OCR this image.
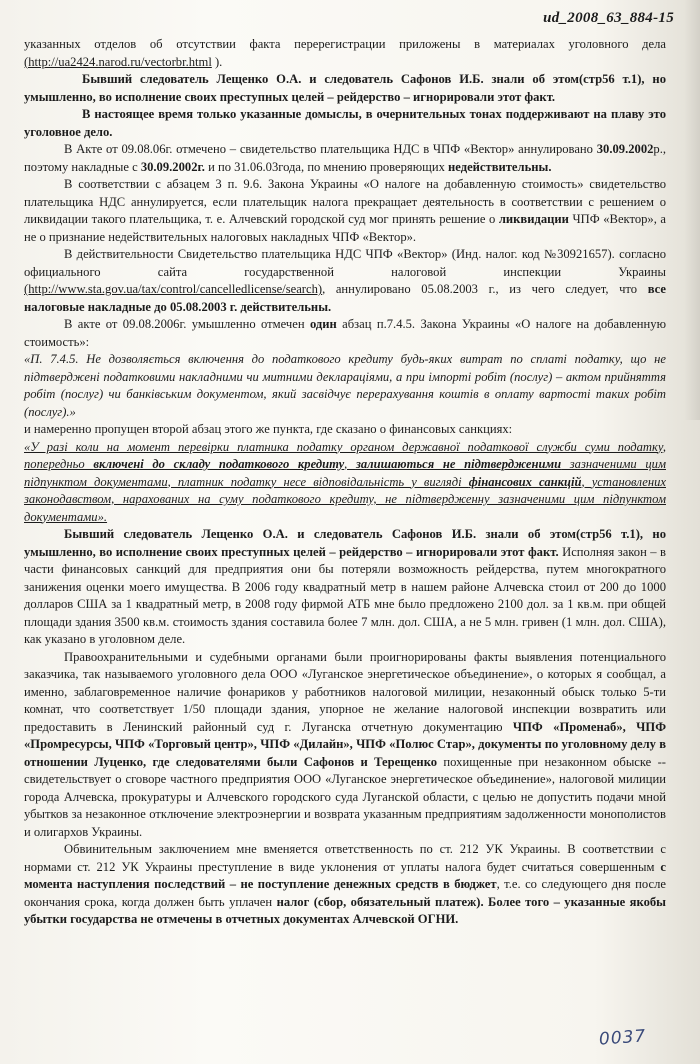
ud_2008_63_884-15

указанных отделов об отсутствии факта перерегистрации приложены в материалах уголовного дела (http://ua2424.narod.ru/vectorbr.html ).

Бывший следователь Лещенко О.А. и следователь Сафонов И.Б. знали об этом(стр56 т.1), но умышленно, во исполнение своих преступных целей – рейдерство – игнорировали этот факт.

В настоящее время только указанные домыслы, в очернительных тонах поддерживают на плаву это уголовное дело.

В Акте от 09.08.06г. отмечено – свидетельство плательщика НДС в ЧПФ «Вектор» аннулировано 30.09.2002р., поэтому накладные с 30.09.2002г. и по 31.06.03года, по мнению проверяющих недействительны.

В соответствии с абзацем 3 п. 9.6. Закона Украины «О налоге на добавленную стоимость» свидетельство плательщика НДС аннулируется, если плательщик налога прекращает деятельность в соответствии с решением о ликвидации такого плательщика, т. е. Алчевский городской суд мог принять решение о ликвидации ЧПФ «Вектор», а не о признание недействительных налоговых накладных ЧПФ «Вектор».

В действительности Свидетельство плательщика НДС ЧПФ «Вектор» (Инд. налог. код №30921657). согласно официального сайта государственной налоговой инспекции Украины (http://www.sta.gov.ua/tax/control/cancelledlicense/search), аннулировано 05.08.2003 г., из чего следует, что все налоговые накладные до 05.08.2003 г. действительны.

В акте от 09.08.2006г. умышленно отмечен один абзац п.7.4.5. Закона Украины «О налоге на добавленную стоимость»:

«П. 7.4.5. Не дозволяється включення до податкового кредиту будь-яких витрат по сплаті податку, що не підтверджені податковими накладними чи митними деклараціями, а при імпорті робіт (послуг) – актом прийняття робіт (послуг) чи банківським документом, який засвідчує перерахування коштів в оплату вартості таких робіт (послуг).»

и намеренно пропущен второй абзац этого же пункта, где сказано о финансовых санкциях:

«У разі коли на момент перевірки платника податку органом державної податкової служби суми податку, попередньо включені до складу податкового кредиту, залишаються не підтвердженими зазначеними цим підпунктом документами, платник податку несе відповідальність у вигляді фінансових санкцій, установлених законодавством, нарахованих на суму податкового кредиту, не підтвердженну зазначеними цим підпунктом документами».

Бывший следователь Лещенко О.А. и следователь Сафонов И.Б. знали об этом(стр56 т.1), но умышленно, во исполнение своих преступных целей – рейдерство – игнорировали этот факт. Исполняя закон – в части финансовых санкций для предприятия они бы потеряли возможность рейдерства, путем многократного занижения оценки моего имущества. В 2006 году квадратный метр в нашем районе Алчевска стоил от 200 до 1000 долларов США за 1 квадратный метр, в 2008 году фирмой АТБ мне было предложено 2100 дол. за 1 кв.м. при общей площади здания 3500 кв.м. стоимость здания составила более 7 млн. дол. США, а не 5 млн. гривен (1 млн. дол. США), как указано в уголовном деле.

Правоохранительными и судебными органами были проигнорированы факты выявления потенциального заказчика, так называемого уголовного дела ООО «Луганское энергетическое объединение», о которых я сообщал, а именно, заблаговременное наличие фонариков у работников налоговой милиции, незаконный обыск только 5-ти комнат, что соответствует 1/50 площади здания, упорное не желание налоговой инспекции возвратить или предоставить в Ленинский районный суд г. Луганска отчетную документацию ЧПФ «Променаб», ЧПФ «Промресурсы, ЧПФ «Торговый центр», ЧПФ «Дилайн», ЧПФ «Полюс Стар», документы по уголовному делу в отношении Луценко, где следователями были Сафонов и Терещенко похищенные при незаконном обыске -- свидетельствует о сговоре частного предприятия ООО «Луганское энергетическое объединение», налоговой милиции города Алчевска, прокуратуры и Алчевского городского суда Луганской области, с целью не допустить подачи мной убытков за незаконное отключение электроэнергии и возврата указанным предприятиям задолженности монополистов и олигархов Украины.

Обвинительным заключением мне вменяется ответственность по ст. 212 УК Украины. В соответствии с нормами ст. 212 УК Украины преступление в виде уклонения от уплаты налога будет считаться совершенным с момента наступления последствий – не поступление денежных средств в бюджет, т.е. со следующего дня после окончания срока, когда должен быть уплачен налог (сбор, обязательный платеж). Более того – указанные якобы убытки государства не отмечены в отчетных документах Алчевской ОГНИ.

0037
